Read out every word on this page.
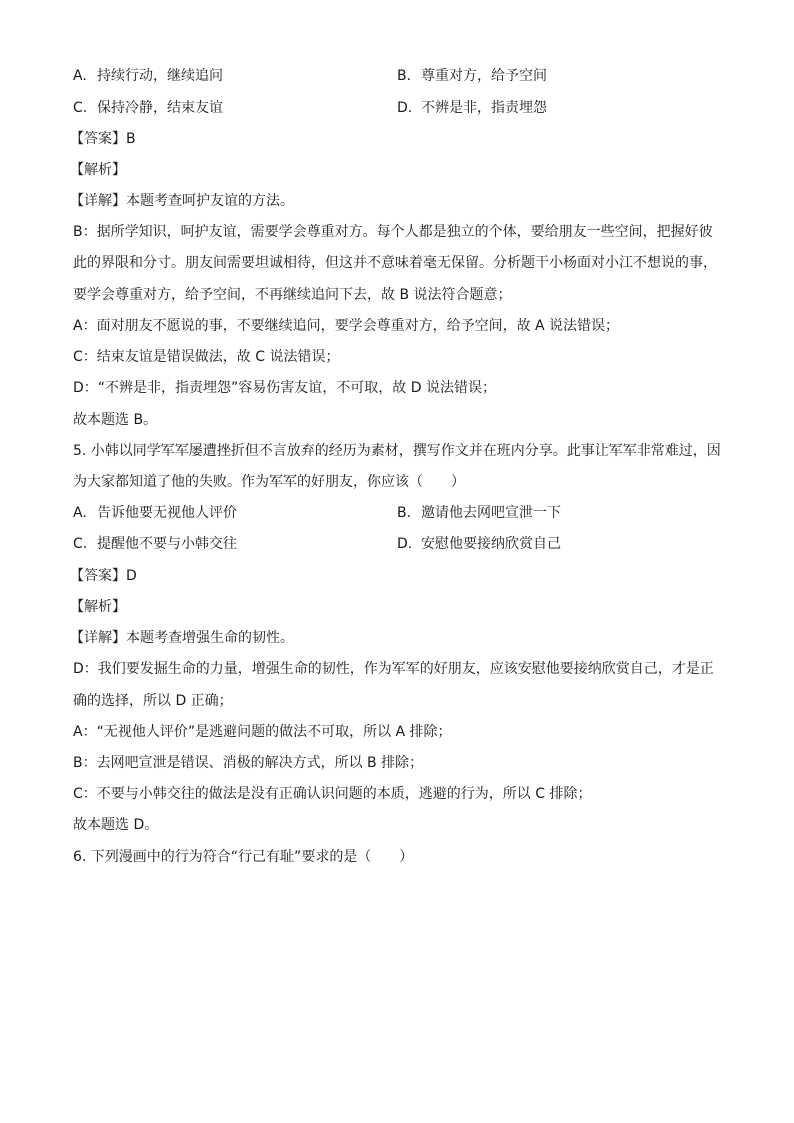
A. 持续行动，继续追问	B. 尊重对方，给予空间
C. 保持冷静，结束友谊	D. 不辨是非，指责埋怨
【答案】B
【解析】
【详解】本题考查呵护友谊的方法。
B：据所学知识，呵护友谊，需要学会尊重对方。每个人都是独立的个体，要给朋友一些空间，把握好彼
此的界限和分寸。朋友间需要坦诚相待，但这并不意味着毫无保留。分析题干小杨面对小江不想说的事，
要学会尊重对方，给予空间，不再继续追问下去，故 B 说法符合题意；
A：面对朋友不愿说的事，不要继续追问，要学会尊重对方，给予空间，故 A 说法错误；
C：结束友谊是错误做法，故 C 说法错误；
D：“不辨是非，指责埋怨”容易伤害友谊，不可取，故 D 说法错误；
故本题选 B。
5. 小韩以同学军军屡遭挫折但不言放弃的经历为素材，撰写作文并在班内分享。此事让军军非常难过，因
为大家都知道了他的失败。作为军军的好朋友，你应该（　　）
A. 告诉他要无视他人评价	B. 邀请他去网吧宣泄一下
C. 提醒他不要与小韩交往	D. 安慰他要接纳欣赏自己
【答案】D
【解析】
【详解】本题考查增强生命的韧性。
D：我们要发掘生命的力量，增强生命的韧性，作为军军的好朋友，应该安慰他要接纳欣赏自己，才是正
确的选择，所以 D 正确；
A：“无视他人评价”是逃避问题的做法不可取，所以 A 排除；
B：去网吧宣泄是错误、消极的解决方式，所以 B 排除；
C：不要与小韩交往的做法是没有正确认识问题的本质，逃避的行为，所以 C 排除；
故本题选 D。
6. 下列漫画中的行为符合“行己有耻”要求的是（　　）
